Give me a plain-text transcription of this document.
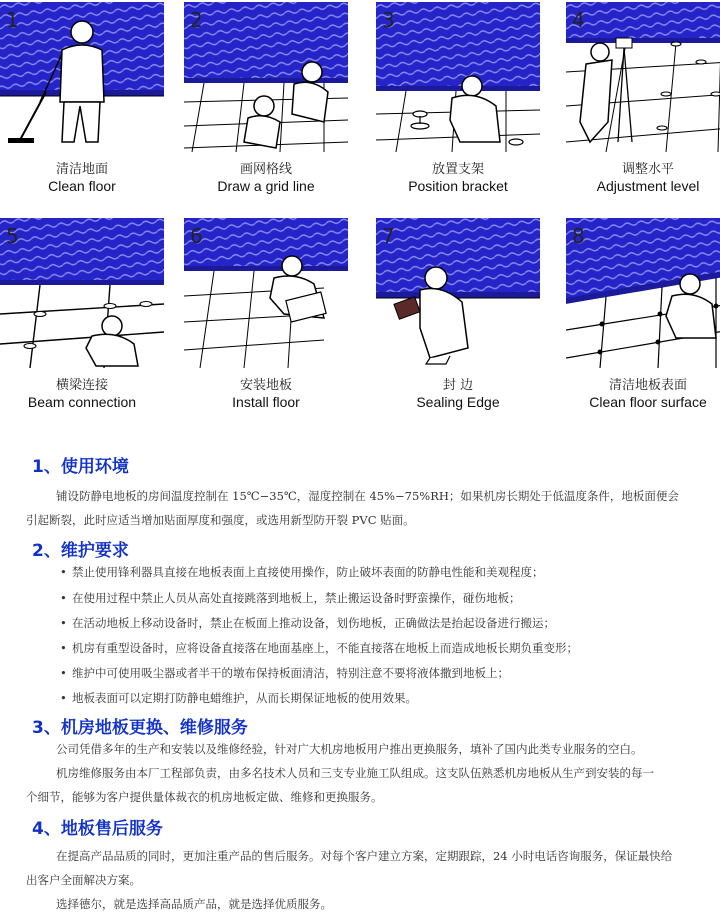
1
清洁地面
Clean floor
2
画网格线
Draw a grid line
3
放置支架
Position bracket
4
调整水平
Adjustment level
5
横梁连接
Beam connection
6
安装地板
Install floor
7
封 边
Sealing Edge
8
清洁地板表面
Clean floor surface
1、使用环境
铺设防静电地板的房间温度控制在 15℃−35℃，湿度控制在 45%−75%RH；如果机房长期处于低温度条件，地板面便会
引起断裂，此时应适当增加贴面厚度和强度，或选用新型防开裂 PVC 贴面。
2、维护要求
• 禁止使用锋利器具直接在地板表面上直接使用操作，防止破坏表面的防静电性能和美观程度；
• 在使用过程中禁止人员从高处直接跳落到地板上，禁止搬运设备时野蛮操作，碰伤地板；
• 在活动地板上移动设备时，禁止在板面上推动设备，划伤地板，正确做法是抬起设备进行搬运；
• 机房有重型设备时，应将设备直接落在地面基座上，不能直接落在地板上而造成地板长期负重变形；
• 维护中可使用吸尘器或者半干的墩布保持板面清洁，特别注意不要将液体撒到地板上；
• 地板表面可以定期打防静电蜡维护，从而长期保证地板的使用效果。
3、机房地板更换、维修服务
公司凭借多年的生产和安装以及维修经验，针对广大机房地板用户推出更换服务，填补了国内此类专业服务的空白。
机房维修服务由本厂工程部负责，由多名技术人员和三支专业施工队组成。这支队伍熟悉机房地板从生产到安装的每一
个细节，能够为客户提供量体裁衣的机房地板定做、维修和更换服务。
4、地板售后服务
在提高产品品质的同时，更加注重产品的售后服务。对每个客户建立方案，定期跟踪，24 小时电话咨询服务，保证最快给
出客户全面解决方案。
选择德尔，就是选择高品质产品，就是选择优质服务。
